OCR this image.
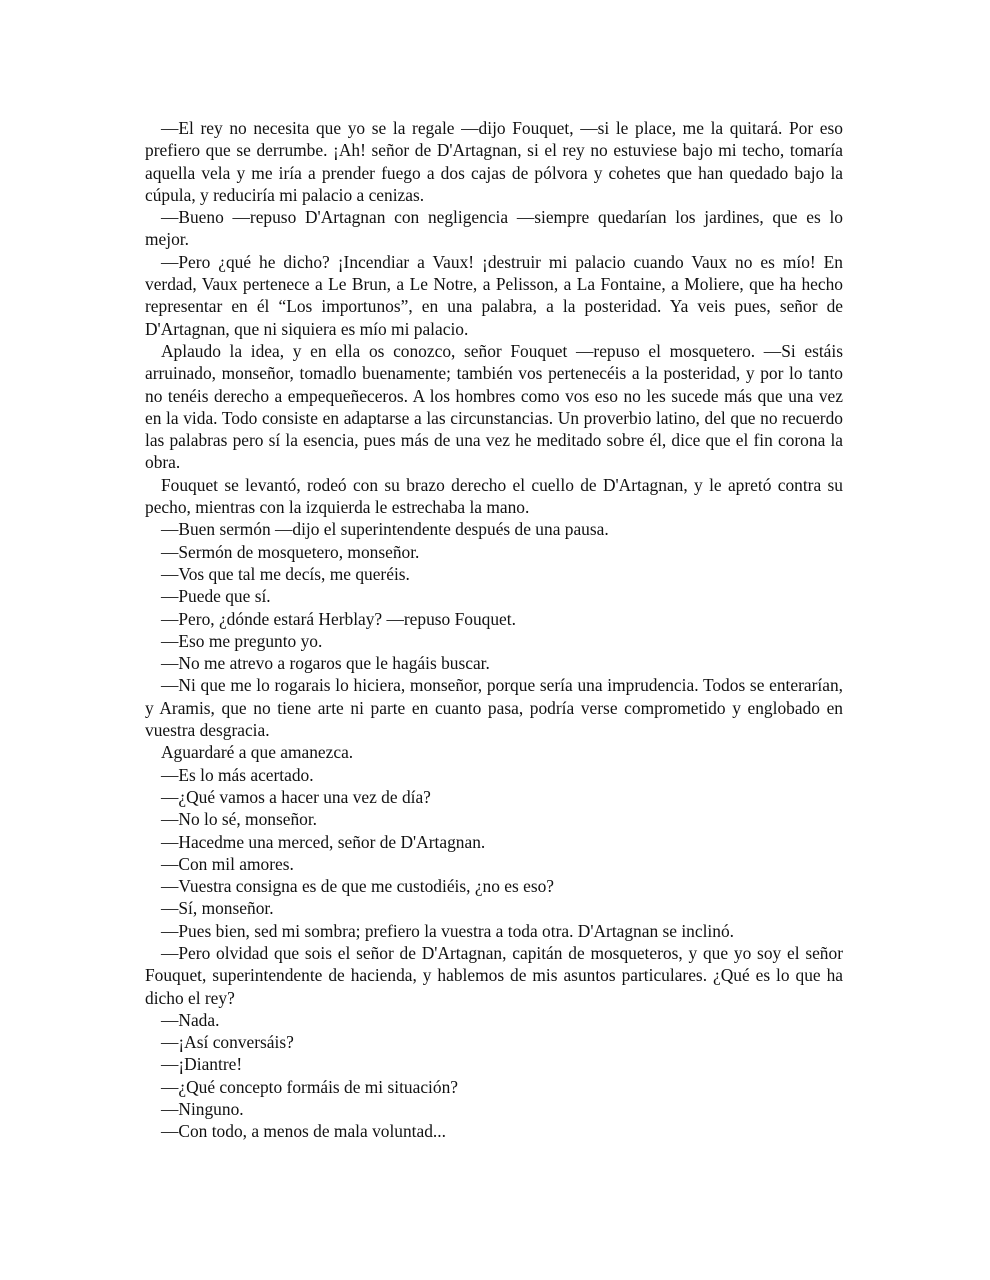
—El rey no necesita que yo se la regale —dijo Fouquet, —si le place, me la quitará. Por eso prefiero que se derrumbe. ¡Ah! señor de D'Artagnan, si el rey no estuviese bajo mi techo, tomaría aquella vela y me iría a prender fuego a dos cajas de pólvora y cohetes que han quedado bajo la cúpula, y reduciría mi palacio a cenizas.

—Bueno —repuso D'Artagnan con negligencia —siempre quedarían los jardines, que es lo mejor.

—Pero ¿qué he dicho? ¡Incendiar a Vaux! ¡destruir mi palacio cuando Vaux no es mío! En verdad, Vaux pertenece a Le Brun, a Le Notre, a Pelisson, a La Fontaine, a Moliere, que ha hecho representar en él “Los importunos”, en una palabra, a la posteridad. Ya veis pues, señor de D'Artagnan, que ni siquiera es mío mi palacio.

Aplaudo la idea, y en ella os conozco, señor Fouquet —repuso el mosquetero. —Si estáis arruinado, monseñor, tomadlo buenamente; también vos pertenecéis a la posteridad, y por lo tanto no tenéis derecho a empequeñeceros. A los hombres como vos eso no les sucede más que una vez en la vida. Todo consiste en adaptarse a las circunstancias. Un proverbio latino, del que no recuerdo las palabras pero sí la esencia, pues más de una vez he meditado sobre él, dice que el fin corona la obra.

Fouquet se levantó, rodeó con su brazo derecho el cuello de D'Artagnan, y le apretó contra su pecho, mientras con la izquierda le estrechaba la mano.

—Buen sermón —dijo el superintendente después de una pausa.

—Sermón de mosquetero, monseñor.

—Vos que tal me decís, me queréis.

—Puede que sí.

—Pero, ¿dónde estará Herblay? —repuso Fouquet.

—Eso me pregunto yo.

—No me atrevo a rogaros que le hagáis buscar.

—Ni que me lo rogarais lo hiciera, monseñor, porque sería una imprudencia. Todos se enterarían, y Aramis, que no tiene arte ni parte en cuanto pasa, podría verse comprometido y englobado en vuestra desgracia.

Aguardaré a que amanezca.

—Es lo más acertado.

—¿Qué vamos a hacer una vez de día?

—No lo sé, monseñor.

—Hacedme una merced, señor de D'Artagnan.

—Con mil amores.

—Vuestra consigna es de que me custodiéis, ¿no es eso?

—Sí, monseñor.

—Pues bien, sed mi sombra; prefiero la vuestra a toda otra. D'Artagnan se inclinó.

—Pero olvidad que sois el señor de D'Artagnan, capitán de mosqueteros, y que yo soy el señor Fouquet, superintendente de hacienda, y hablemos de mis asuntos particulares. ¿Qué es lo que ha dicho el rey?

—Nada.

—¡Así conversáis?

—¡Diantre!

—¿Qué concepto formáis de mi situación?

—Ninguno.

—Con todo, a menos de mala voluntad...
